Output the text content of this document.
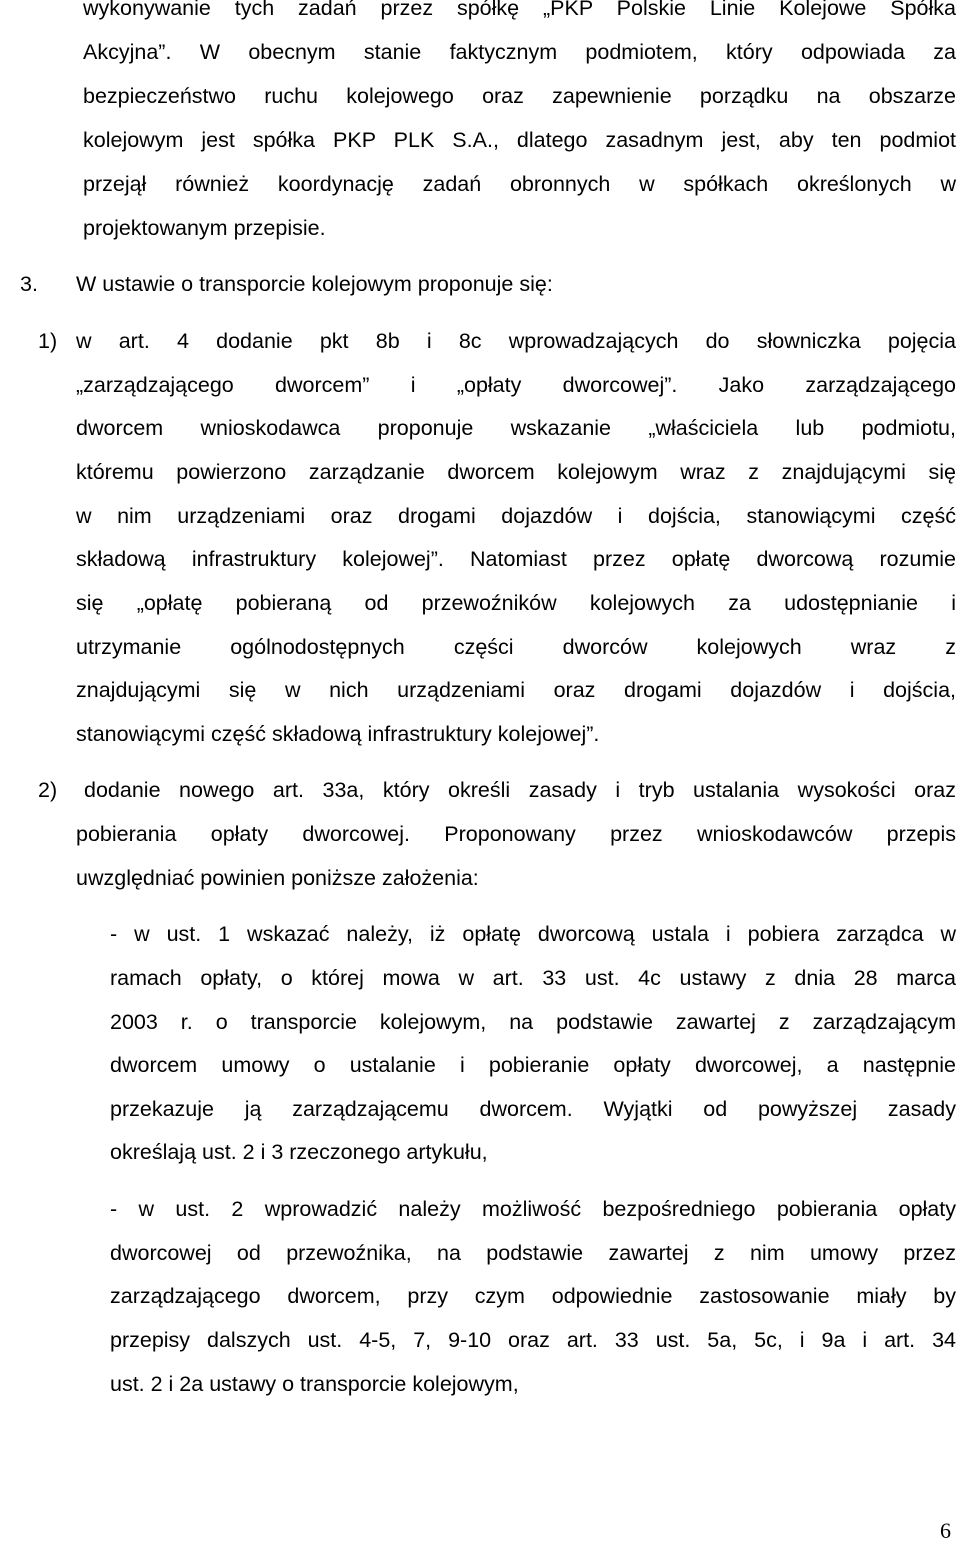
wykonywanie tych zadań przez spółkę „PKP Polskie Linie Kolejowe Spółka
Akcyjna”. W obecnym stanie faktycznym podmiotem, który odpowiada za
bezpieczeństwo ruchu kolejowego oraz zapewnienie porządku na obszarze
kolejowym jest spółka PKP PLK S.A., dlatego zasadnym jest, aby ten podmiot
przejął również koordynację zadań obronnych w spółkach określonych w
projektowanym przepisie.
3. W ustawie o transporcie kolejowym proponuje się:
1) w art. 4 dodanie pkt 8b i 8c wprowadzających do słowniczka pojęcia
„zarządzającego dworcem” i „opłaty dworcowej”. Jako zarządzającego
dworcem wnioskodawca proponuje wskazanie „właściciela lub podmiotu,
któremu powierzono zarządzanie dworcem kolejowym wraz z znajdującymi się
w nim urządzeniami oraz drogami dojazdów i dojścia, stanowiącymi część
składową infrastruktury kolejowej”. Natomiast przez opłatę dworcową rozumie
się „opłatę pobieraną od przewoźników kolejowych za udostępnianie i
utrzymanie ogólnodostępnych części dworców kolejowych wraz z
znajdującymi się w nich urządzeniami oraz drogami dojazdów i dojścia,
stanowiącymi część składową infrastruktury kolejowej”.
2) dodanie nowego art. 33a, który określi zasady i tryb ustalania wysokości oraz
pobierania opłaty dworcowej. Proponowany przez wnioskodawców przepis
uwzględniać powinien poniższe założenia:
- w ust. 1 wskazać należy, iż opłatę dworcową ustala i pobiera zarządca w
ramach opłaty, o której mowa w art. 33 ust. 4c ustawy z dnia 28 marca
2003 r. o transporcie kolejowym, na podstawie zawartej z zarządzającym
dworcem umowy o ustalanie i pobieranie opłaty dworcowej, a następnie
przekazuje ją zarządzającemu dworcem. Wyjątki od powyższej zasady
określają ust. 2 i 3 rzeczonego artykułu,
- w ust. 2 wprowadzić należy możliwość bezpośredniego pobierania opłaty
dworcowej od przewoźnika, na podstawie zawartej z nim umowy przez
zarządzającego dworcem, przy czym odpowiednie zastosowanie miały by
przepisy dalszych ust. 4-5, 7, 9-10 oraz art. 33 ust. 5a, 5c, i 9a i art. 34
ust. 2 i 2a ustawy o transporcie kolejowym,
6
